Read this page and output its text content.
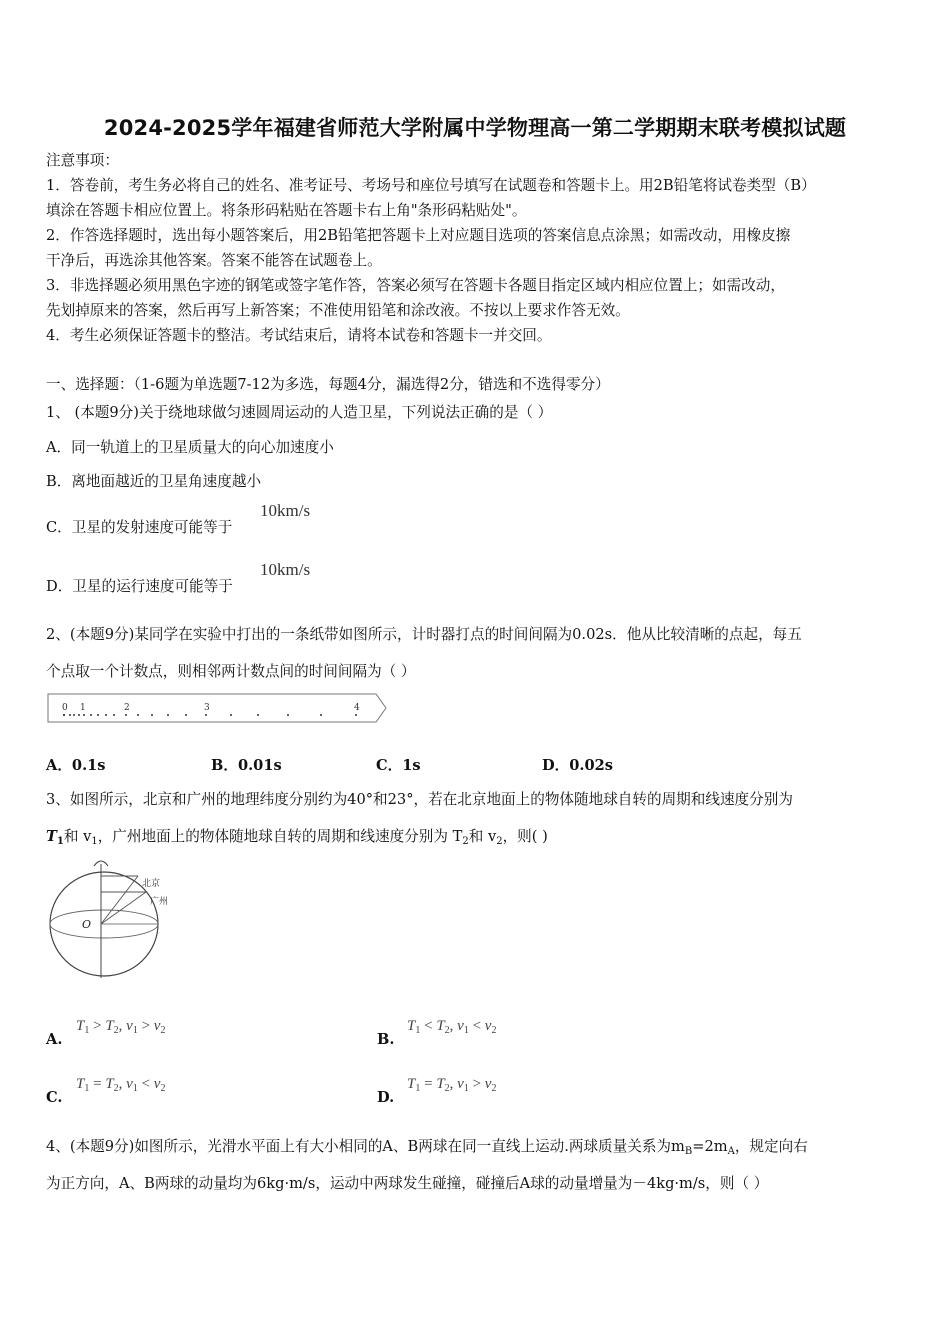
2024-2025学年福建省师范大学附属中学物理高一第二学期期末联考模拟试题
注意事项：
1．答卷前，考生务必将自己的姓名、准考证号、考场号和座位号填写在试题卷和答题卡上。用2B铅笔将试卷类型（B）
填涂在答题卡相应位置上。将条形码粘贴在答题卡右上角"条形码粘贴处"。
2．作答选择题时，选出每小题答案后，用2B铅笔把答题卡上对应题目选项的答案信息点涂黑；如需改动，用橡皮擦
干净后，再选涂其他答案。答案不能答在试题卷上。
3．非选择题必须用黑色字迹的钢笔或签字笔作答，答案必须写在答题卡各题目指定区域内相应位置上；如需改动，
先划掉原来的答案，然后再写上新答案；不准使用铅笔和涂改液。不按以上要求作答无效。
4．考生必须保证答题卡的整洁。考试结束后，请将本试卷和答题卡一并交回。
一、选择题：（1-6题为单选题7-12为多选，每题4分，漏选得2分，错选和不选得零分）
1、 (本题9分)关于绕地球做匀速圆周运动的人造卫星，下列说法正确的是（ ）
A．同一轨道上的卫星质量大的向心加速度小
B．离地面越近的卫星角速度越小
C．卫星的发射速度可能等于
10km/s
D．卫星的运行速度可能等于
10km/s
2、(本题9分)某同学在实验中打出的一条纸带如图所示，计时器打点的时间间隔为0.02s．他从比较清晰的点起，每五
个点取一个计数点，则相邻两计数点间的时间间隔为（ ）
0 1	2	3	4
A．0.1s	B．0.01s	C．1s	D．0.02s
3、如图所示，北京和广州的地理纬度分别约为40°和23°，若在北京地面上的物体随地球自转的周期和线速度分别为
$T_1$和 $v_1$，广州地面上的物体随地球自转的周期和线速度分别为 $T_2$和 $v_2$，则( )
北京
广州
O
A.
$T_1 > T_2$, $v_1 > v_2$
B.
$T_1 < T_2$, $v_1 < v_2$
C.
$T_1 = T_2$, $v_1 < v_2$
D.
$T_1 = T_2$, $v_1 > v_2$
4、(本题9分)如图所示，光滑水平面上有大小相同的A、B两球在同一直线上运动.两球质量关系为$m_B=2m_A$，规定向右
为正方向，A、B两球的动量均为6kg·m/s，运动中两球发生碰撞，碰撞后A球的动量增量为－4kg·m/s，则（ ）
